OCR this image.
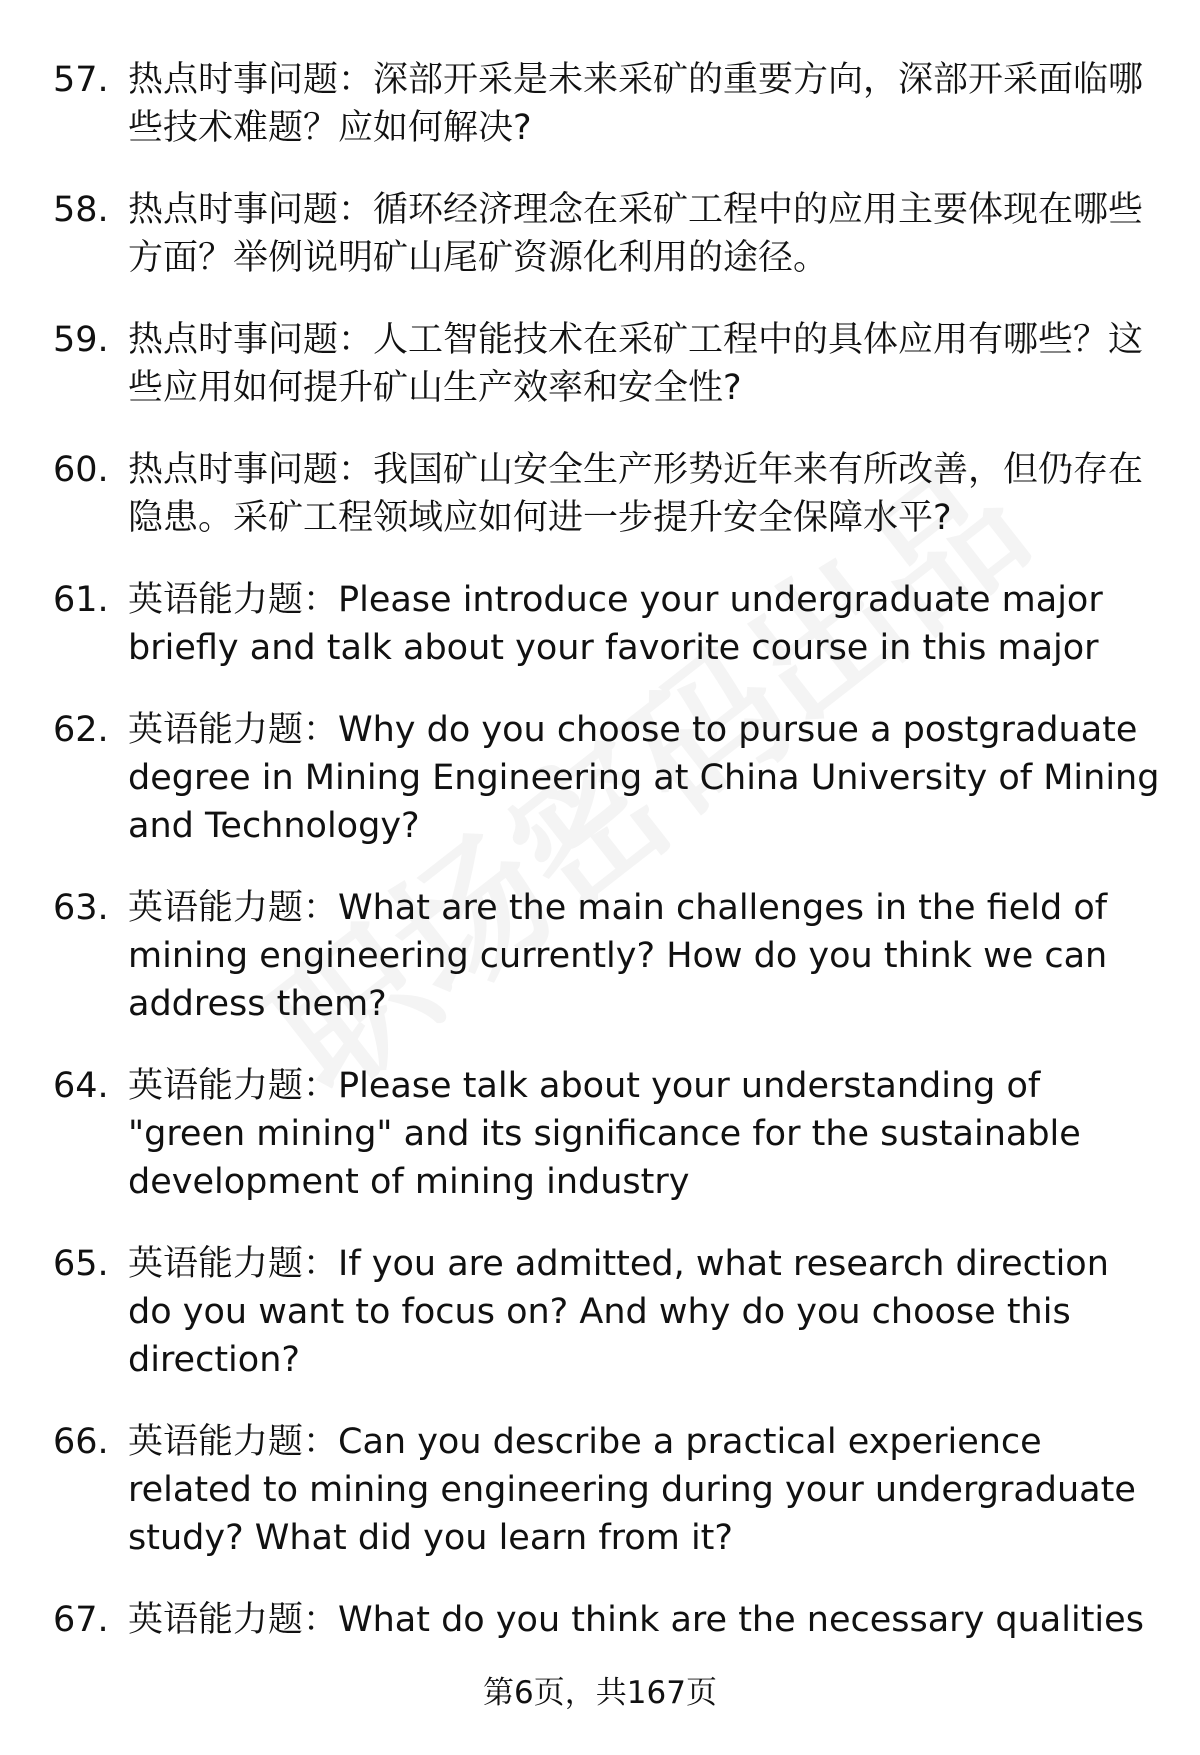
57. 热点时事问题：深部开采是未来采矿的重要方向，深部开采面临哪些技术难题？应如何解决?
58. 热点时事问题：循环经济理念在采矿工程中的应用主要体现在哪些方面？举例说明矿山尾矿资源化利用的途径。
59. 热点时事问题：人工智能技术在采矿工程中的具体应用有哪些？这些应用如何提升矿山生产效率和安全性?
60. 热点时事问题：我国矿山安全生产形势近年来有所改善，但仍存在隐患。采矿工程领域应如何进一步提升安全保障水平?
61. 英语能力题：Please introduce your undergraduate major briefly and talk about your favorite course in this major
62. 英语能力题：Why do you choose to pursue a postgraduate degree in Mining Engineering at China University of Mining and Technology?
63. 英语能力题：What are the main challenges in the field of mining engineering currently? How do you think we can address them?
64. 英语能力题：Please talk about your understanding of "green mining" and its significance for the sustainable development of mining industry
65. 英语能力题：If you are admitted, what research direction do you want to focus on? And why do you choose this direction?
66. 英语能力题：Can you describe a practical experience related to mining engineering during your undergraduate study? What did you learn from it?
67. 英语能力题：What do you think are the necessary qualities
第6页，共167页
